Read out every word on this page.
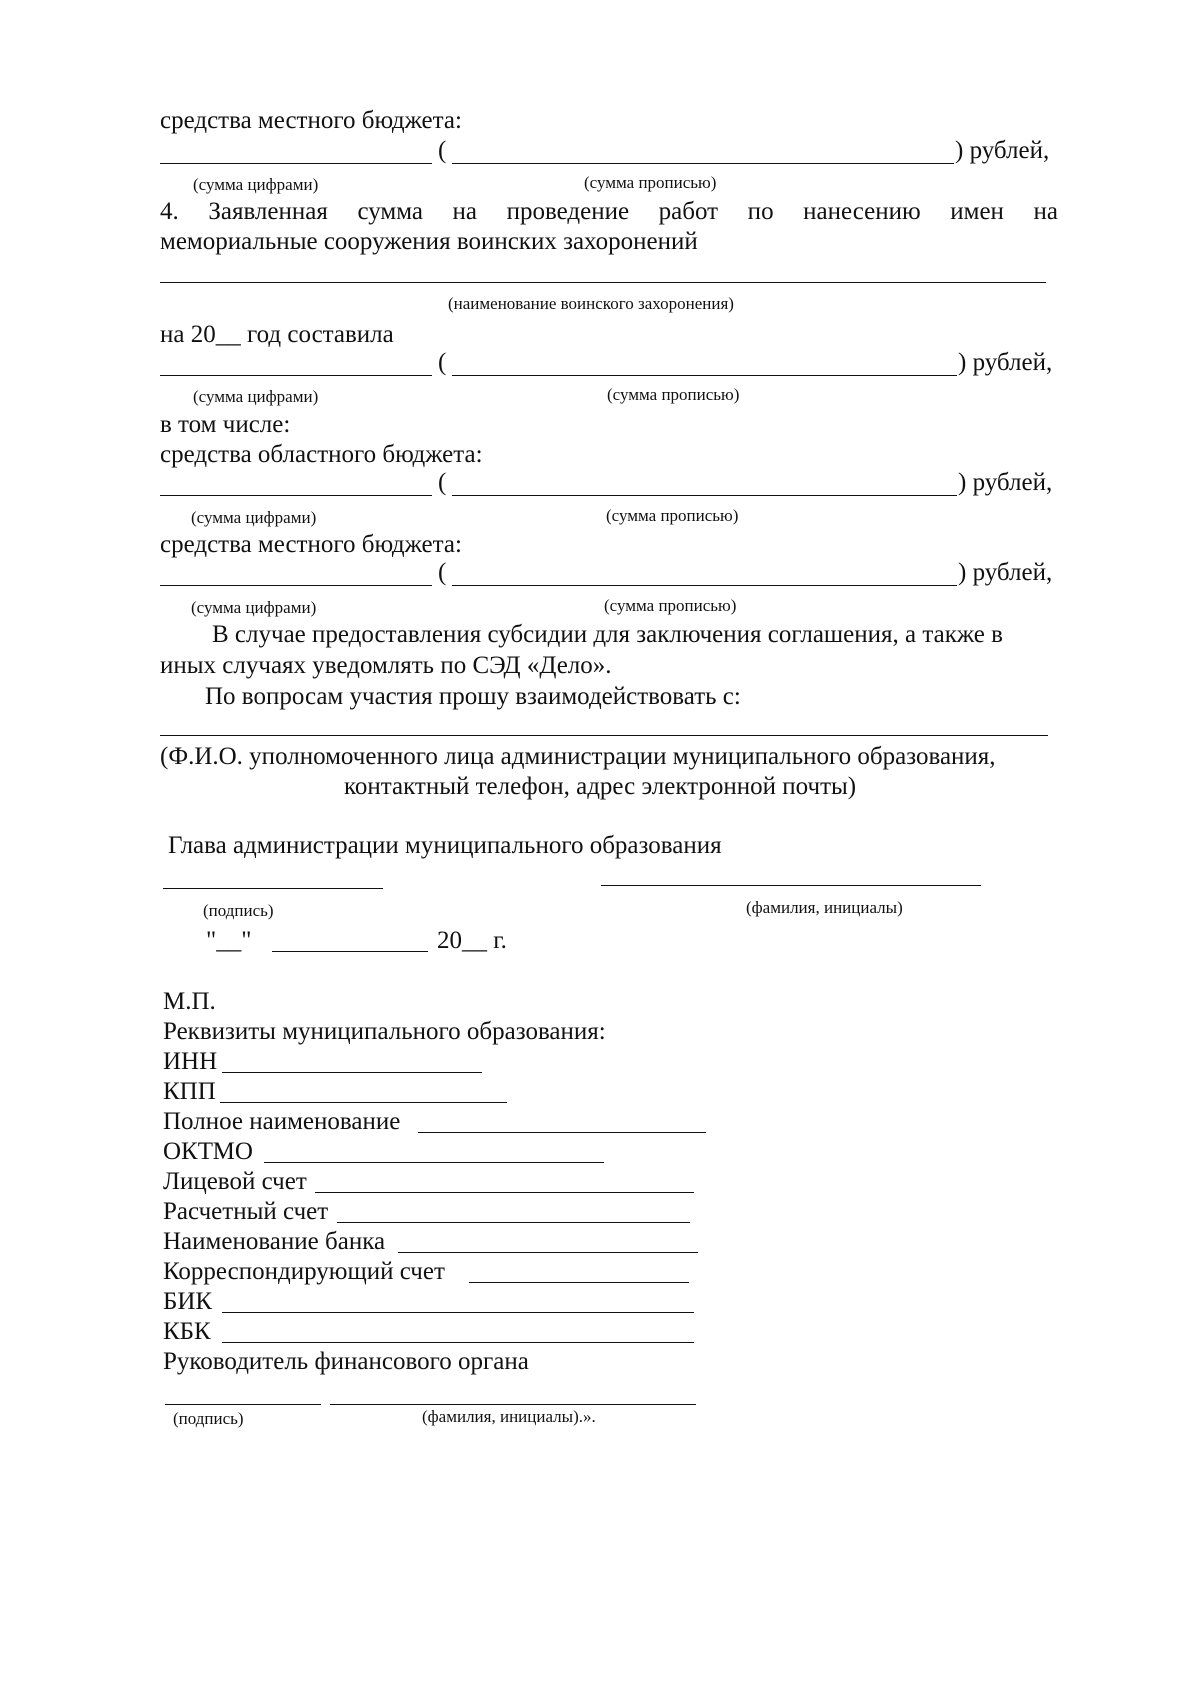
средства местного бюджета:
(	) рублей,
(сумма цифрами)	(сумма прописью)
4. Заявленная сумма на проведение работ по нанесению имен на
мемориальные сооружения воинских захоронений
(наименование воинского захоронения)
на 20__ год составила
(	) рублей,
(сумма цифрами)	(сумма прописью)
в том числе:
средства областного бюджета:
(	) рублей,
(сумма цифрами)	(сумма прописью)
средства местного бюджета:
(	) рублей,
(сумма цифрами)	(сумма прописью)
В случае предоставления субсидии для заключения соглашения, а также в
иных случаях уведомлять по СЭД «Дело».
По вопросам участия прошу взаимодействовать с:
(Ф.И.О. уполномоченного лица администрации муниципального образования,
контактный телефон, адрес электронной почты)
Глава администрации муниципального образования
(подпись)	(фамилия, инициалы)
"__"	20__ г.
М.П.
Реквизиты муниципального образования:
ИНН
КПП
Полное наименование
ОКТМО
Лицевой счет
Расчетный счет
Наименование банка
Корреспондирующий счет
БИК
КБК
Руководитель финансового органа
(подпись)	(фамилия, инициалы).».
